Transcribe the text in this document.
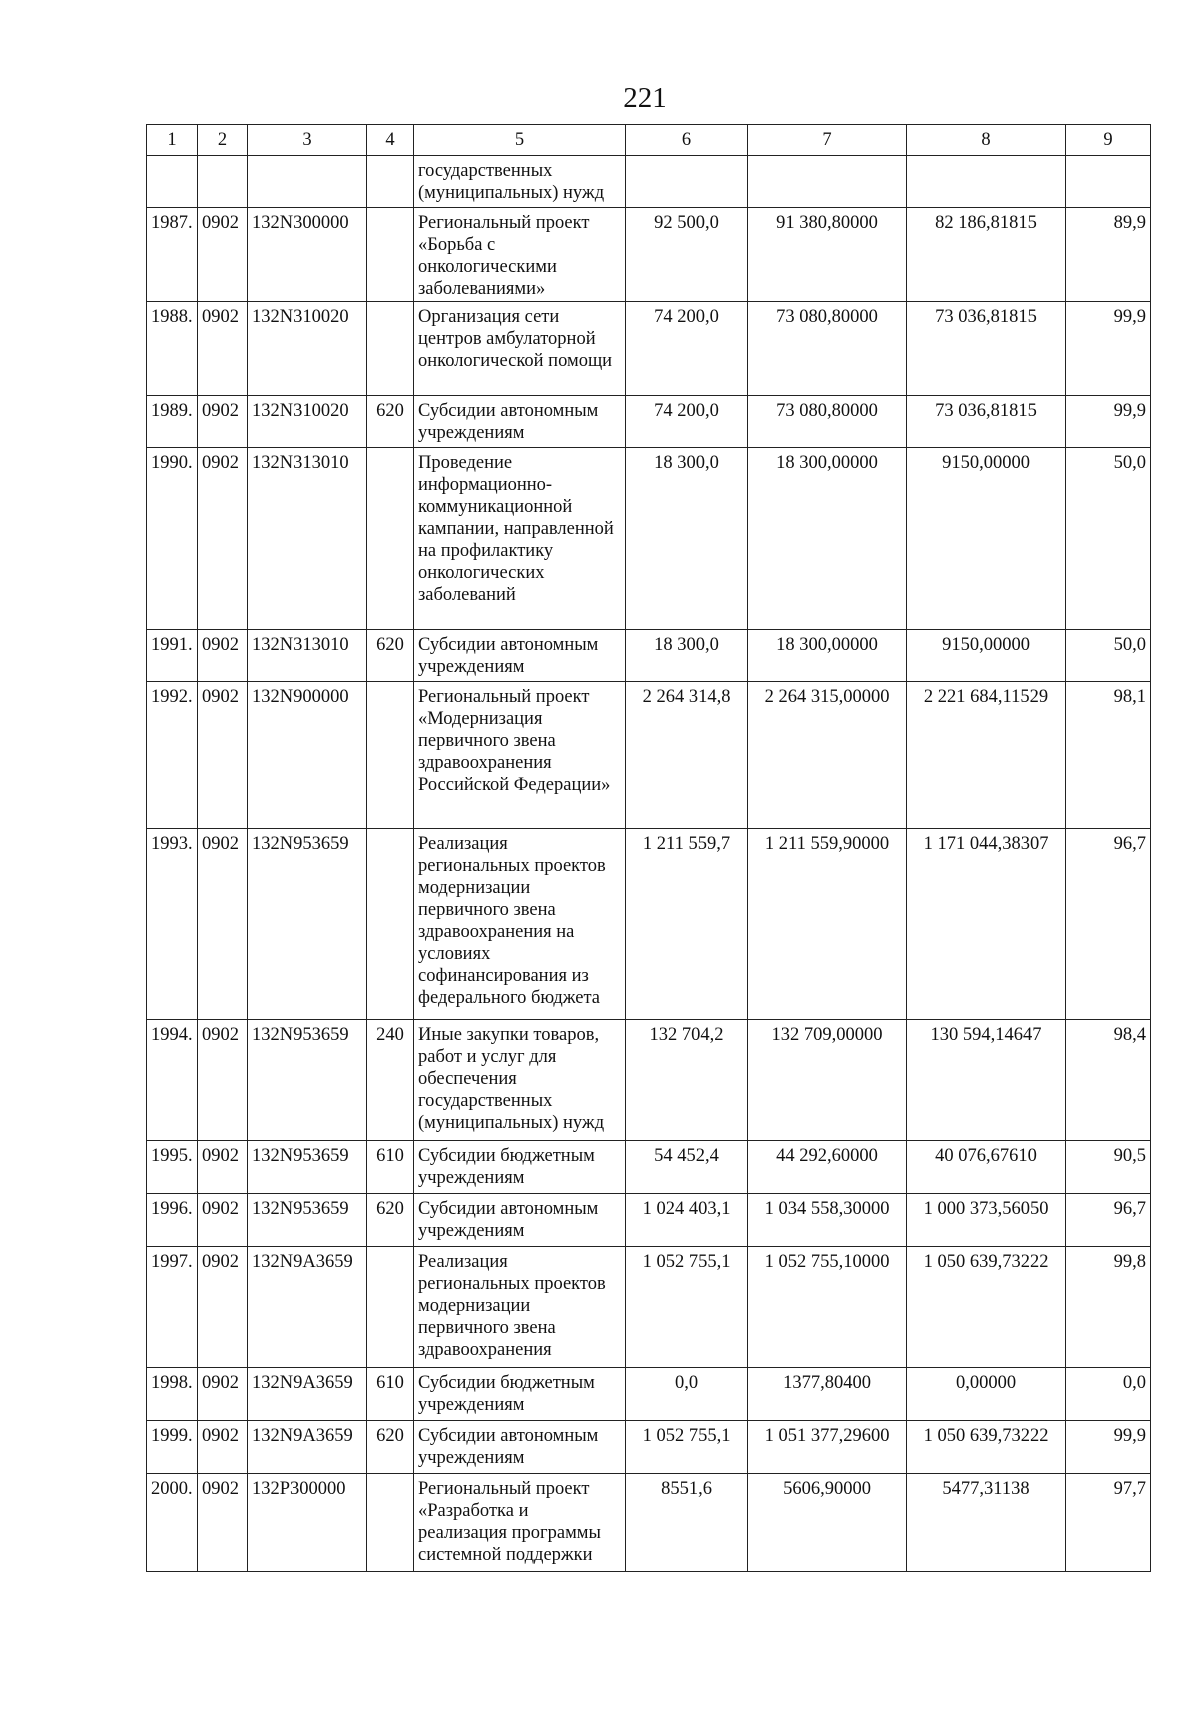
221
1	2	3	4	5	6	7	8	9
				государственных (муниципальных) нужд				
1987.	0902	132N300000		Региональный проект «Борьба с онкологическими заболеваниями»	92 500,0	91 380,80000	82 186,81815	89,9
1988.	0902	132N310020		Организация сети центров амбулаторной онкологической помощи	74 200,0	73 080,80000	73 036,81815	99,9
1989.	0902	132N310020	620	Субсидии автономным учреждениям	74 200,0	73 080,80000	73 036,81815	99,9
1990.	0902	132N313010		Проведение информационно-коммуникационной кампании, направленной на профилактику онкологических заболеваний	18 300,0	18 300,00000	9150,00000	50,0
1991.	0902	132N313010	620	Субсидии автономным учреждениям	18 300,0	18 300,00000	9150,00000	50,0
1992.	0902	132N900000		Региональный проект «Модернизация первичного звена здравоохранения Российской Федерации»	2 264 314,8	2 264 315,00000	2 221 684,11529	98,1
1993.	0902	132N953659		Реализация региональных проектов модернизации первичного звена здравоохранения на условиях софинансирования из федерального бюджета	1 211 559,7	1 211 559,90000	1 171 044,38307	96,7
1994.	0902	132N953659	240	Иные закупки товаров, работ и услуг для обеспечения государственных (муниципальных) нужд	132 704,2	132 709,00000	130 594,14647	98,4
1995.	0902	132N953659	610	Субсидии бюджетным учреждениям	54 452,4	44 292,60000	40 076,67610	90,5
1996.	0902	132N953659	620	Субсидии автономным учреждениям	1 024 403,1	1 034 558,30000	1 000 373,56050	96,7
1997.	0902	132N9A3659		Реализация региональных проектов модернизации первичного звена здравоохранения	1 052 755,1	1 052 755,10000	1 050 639,73222	99,8
1998.	0902	132N9A3659	610	Субсидии бюджетным учреждениям	0,0	1377,80400	0,00000	0,0
1999.	0902	132N9A3659	620	Субсидии автономным учреждениям	1 052 755,1	1 051 377,29600	1 050 639,73222	99,9
2000.	0902	132P300000		Региональный проект «Разработка и реализация программы системной поддержки	8551,6	5606,90000	5477,31138	97,7
